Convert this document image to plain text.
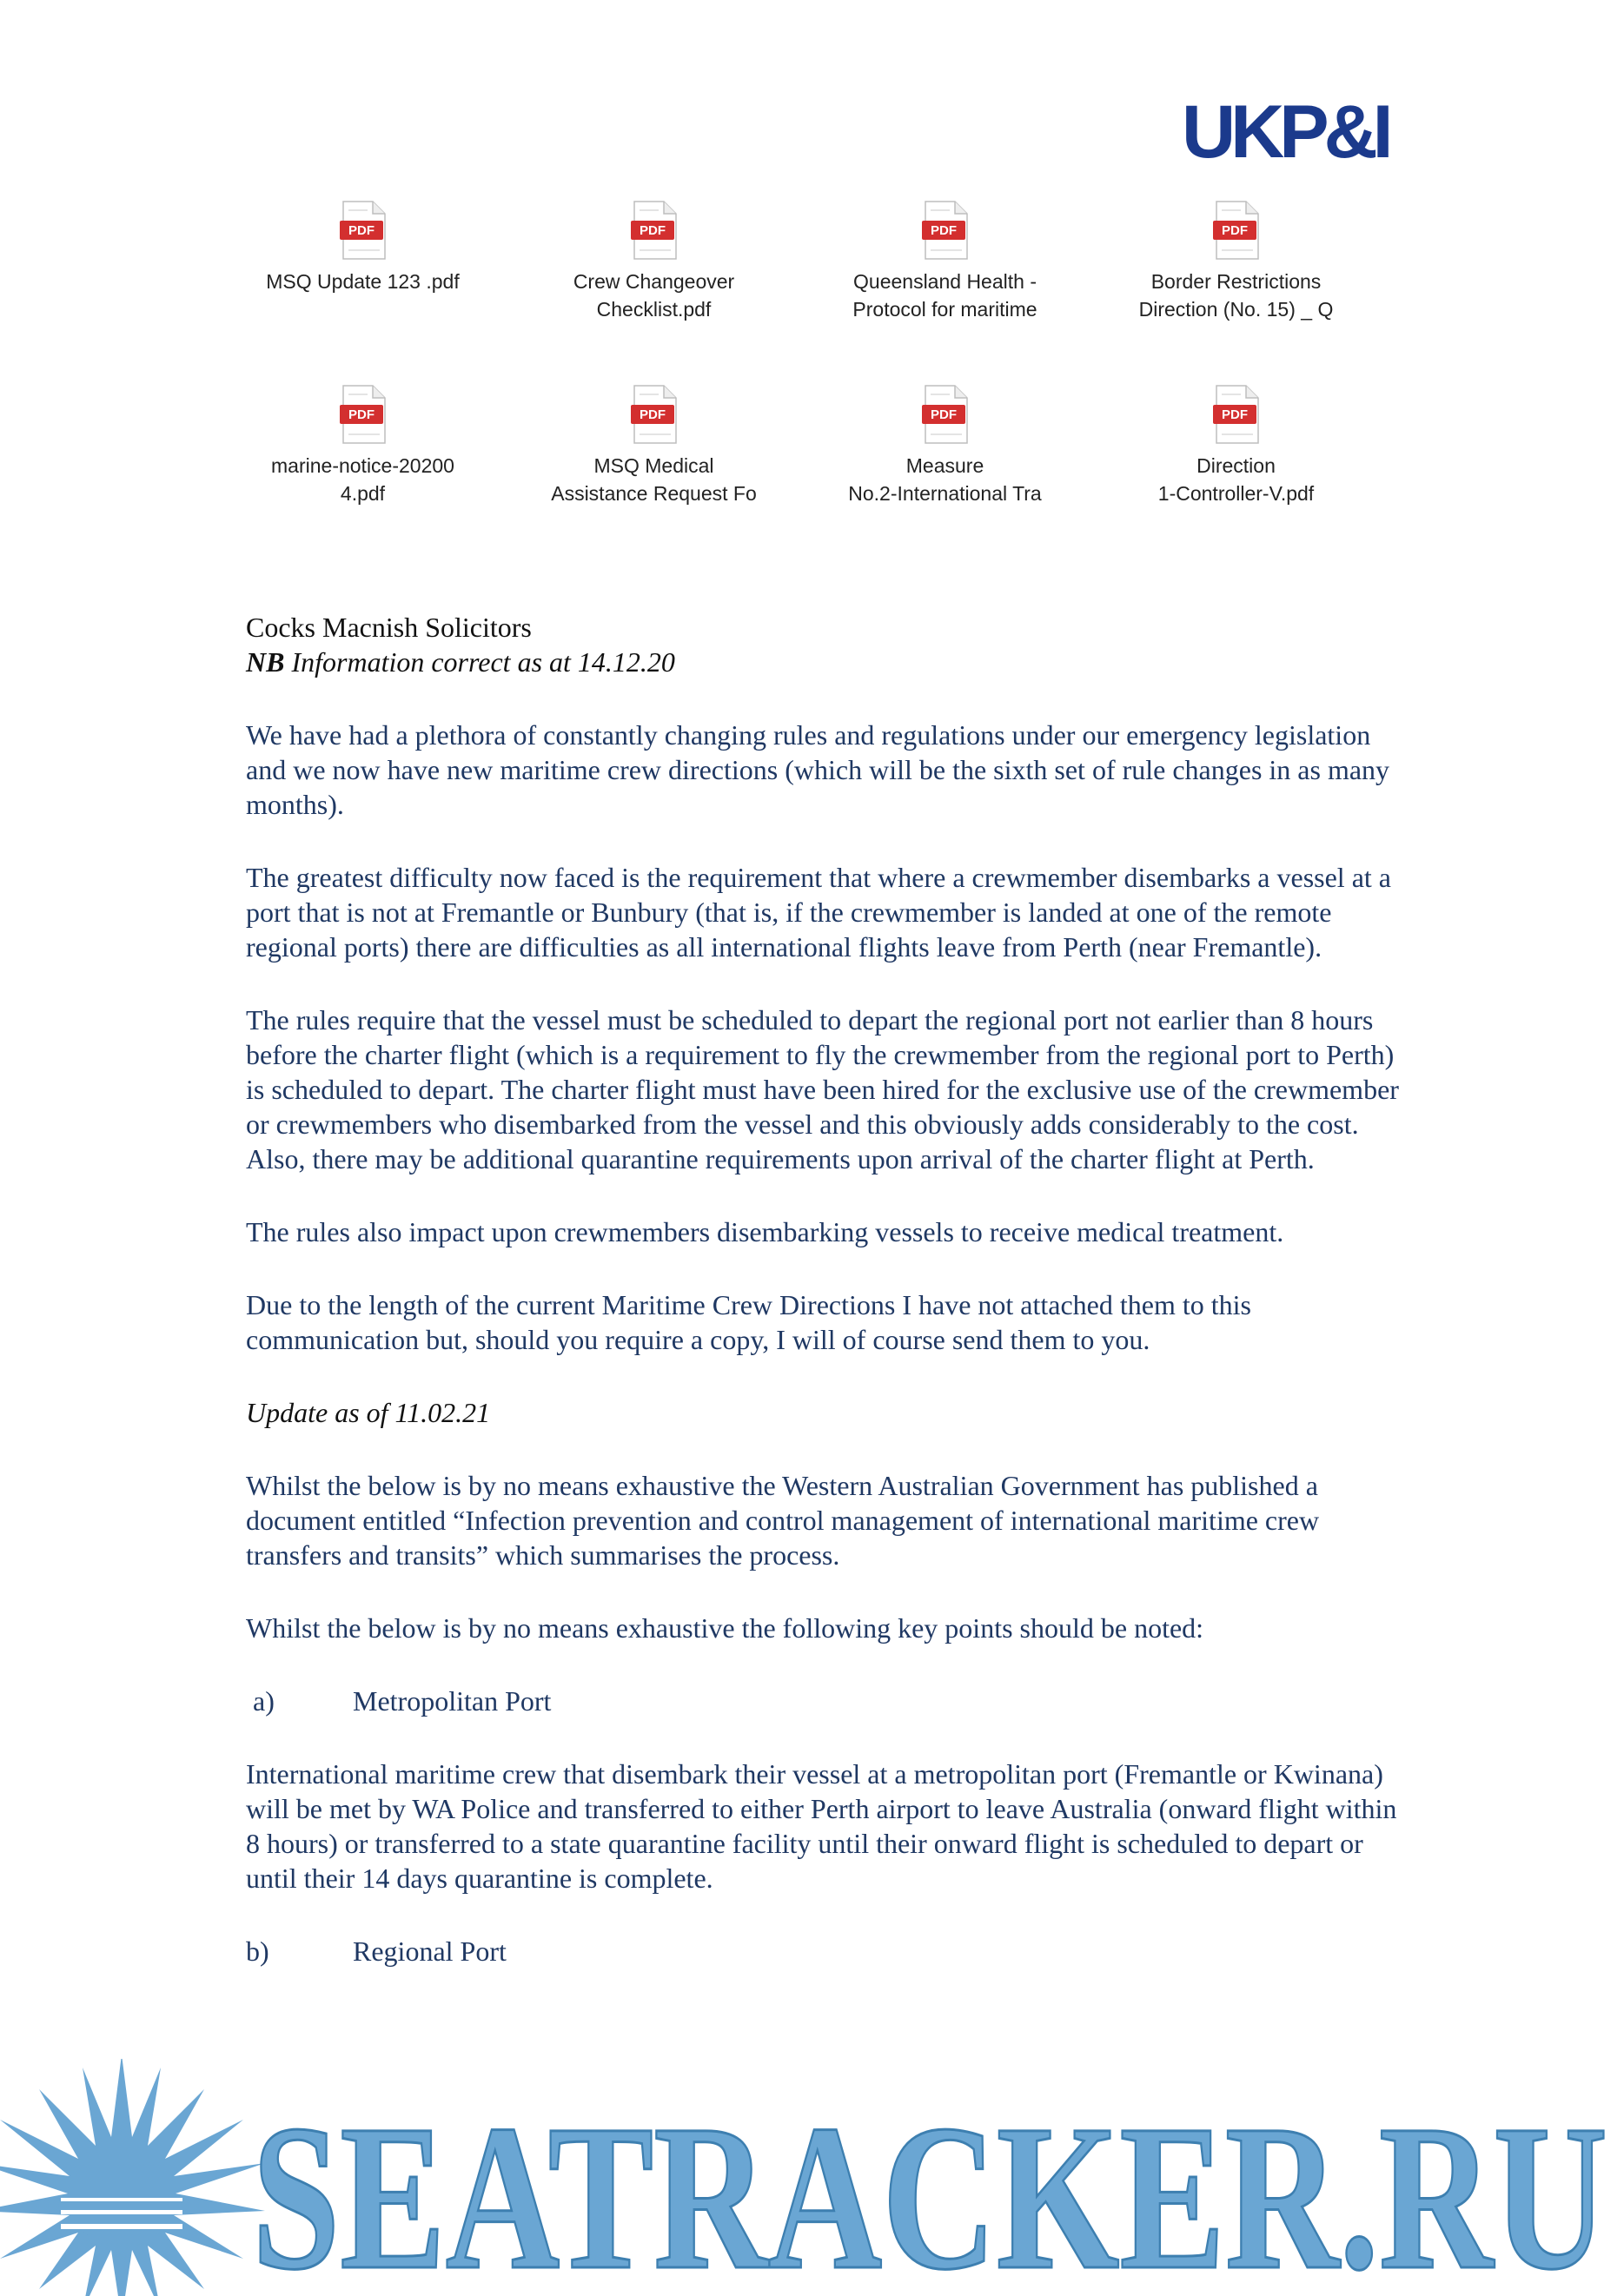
UKP&I
PDF
MSQ Update 123 .pdf
PDF
Crew Changeover
Checklist.pdf
PDF
Queensland Health -
Protocol for maritime
PDF
Border Restrictions
Direction (No. 15) _ Q
PDF
marine-notice-20200
4.pdf
PDF
MSQ Medical
Assistance Request Fo
PDF
Measure
No.2-International Tra
PDF
Direction
1-Controller-V.pdf
Cocks Macnish Solicitors

NB Information correct as at 14.12.20

We have had a plethora of constantly changing rules and regulations under our emergency legislation and we now have new maritime crew directions (which will be the sixth set of rule changes in as many months).

The greatest difficulty now faced is the requirement that where a crewmember disembarks a vessel at a port that is not at Fremantle or Bunbury (that is, if the crewmember is landed at one of the remote regional ports) there are difficulties as all international flights leave from Perth (near Fremantle).

The rules require that the vessel must be scheduled to depart the regional port not earlier than 8 hours before the charter flight (which is a requirement to fly the crewmember from the regional port to Perth) is scheduled to depart. The charter flight must have been hired for the exclusive use of the crewmember or crewmembers who disembarked from the vessel and this obviously adds considerably to the cost. Also, there may be additional quarantine requirements upon arrival of the charter flight at Perth.

The rules also impact upon crewmembers disembarking vessels to receive medical treatment.

Due to the length of the current Maritime Crew Directions I have not attached them to this communication but, should you require a copy, I will of course send them to you.

Update as of 11.02.21

Whilst the below is by no means exhaustive the Western Australian Government has published a document entitled “Infection prevention and control management of international maritime crew transfers and transits” which summarises the process.

Whilst the below is by no means exhaustive the following key points should be noted:

a)	Metropolitan Port

International maritime crew that disembark their vessel at a metropolitan port (Fremantle or Kwinana) will be met by WA Police and transferred to either Perth airport to leave Australia (onward flight within 8 hours) or transferred to a state quarantine facility until their onward flight is scheduled to depart or until their 14 days quarantine is complete.

b)	Regional Port

SEATRACKER.RU
